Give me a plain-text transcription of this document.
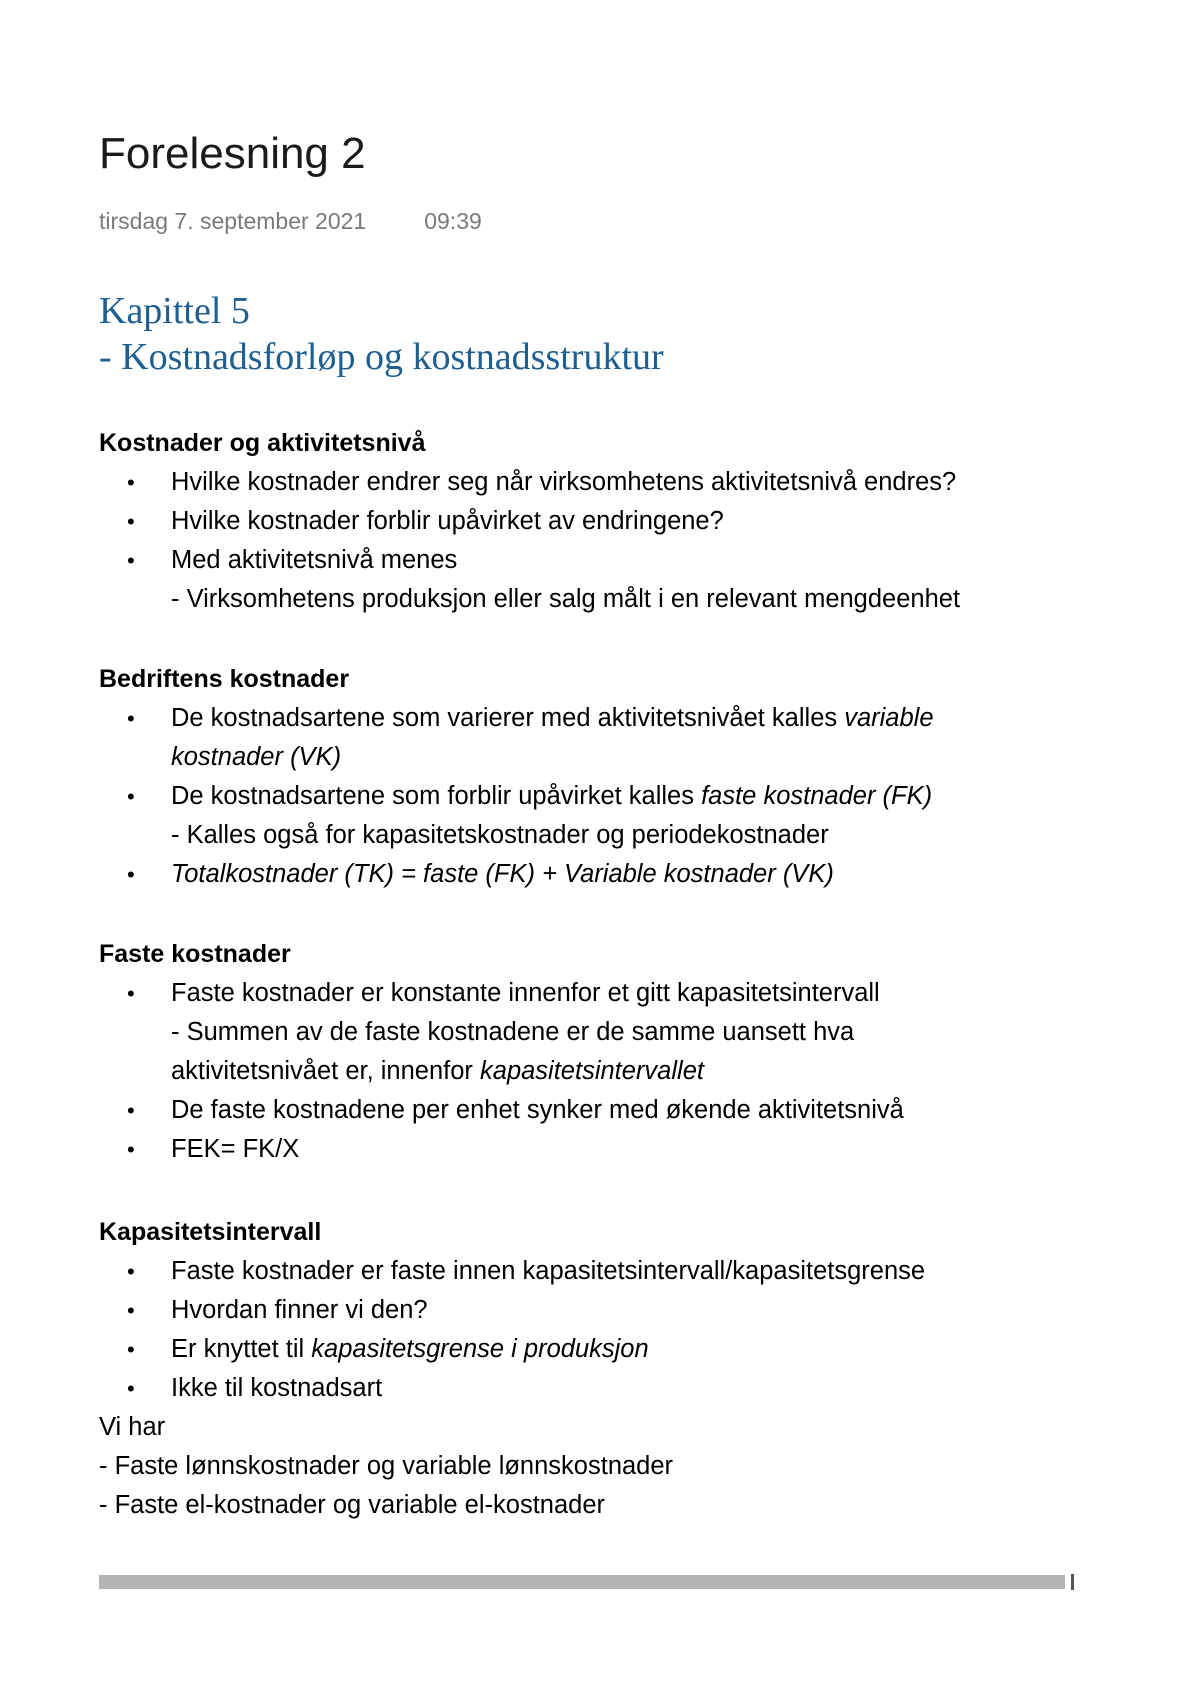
Forelesning 2
tirsdag 7. september 2021	09:39
Kapittel 5
- Kostnadsforløp og kostnadsstruktur
Kostnader og aktivitetsnivå
• Hvilke kostnader endrer seg når virksomhetens aktivitetsnivå endres?
• Hvilke kostnader forblir upåvirket av endringene?
• Med aktivitetsnivå menes
- Virksomhetens produksjon eller salg målt i en relevant mengdeenhet
Bedriftens kostnader
• De kostnadsartene som varierer med aktivitetsnivået kalles variable
kostnader (VK)
• De kostnadsartene som forblir upåvirket kalles faste kostnader (FK)
- Kalles også for kapasitetskostnader og periodekostnader
• Totalkostnader (TK) = faste (FK) + Variable kostnader (VK)
Faste kostnader
• Faste kostnader er konstante innenfor et gitt kapasitetsintervall
- Summen av de faste kostnadene er de samme uansett hva
aktivitetsnivået er, innenfor kapasitetsintervallet
• De faste kostnadene per enhet synker med økende aktivitetsnivå
• FEK= FK/X
Kapasitetsintervall
• Faste kostnader er faste innen kapasitetsintervall/kapasitetsgrense
• Hvordan finner vi den?
• Er knyttet til kapasitetsgrense i produksjon
• Ikke til kostnadsart

Vi har

- Faste lønnskostnader og variable lønnskostnader

- Faste el-kostnader og variable el-kostnader
